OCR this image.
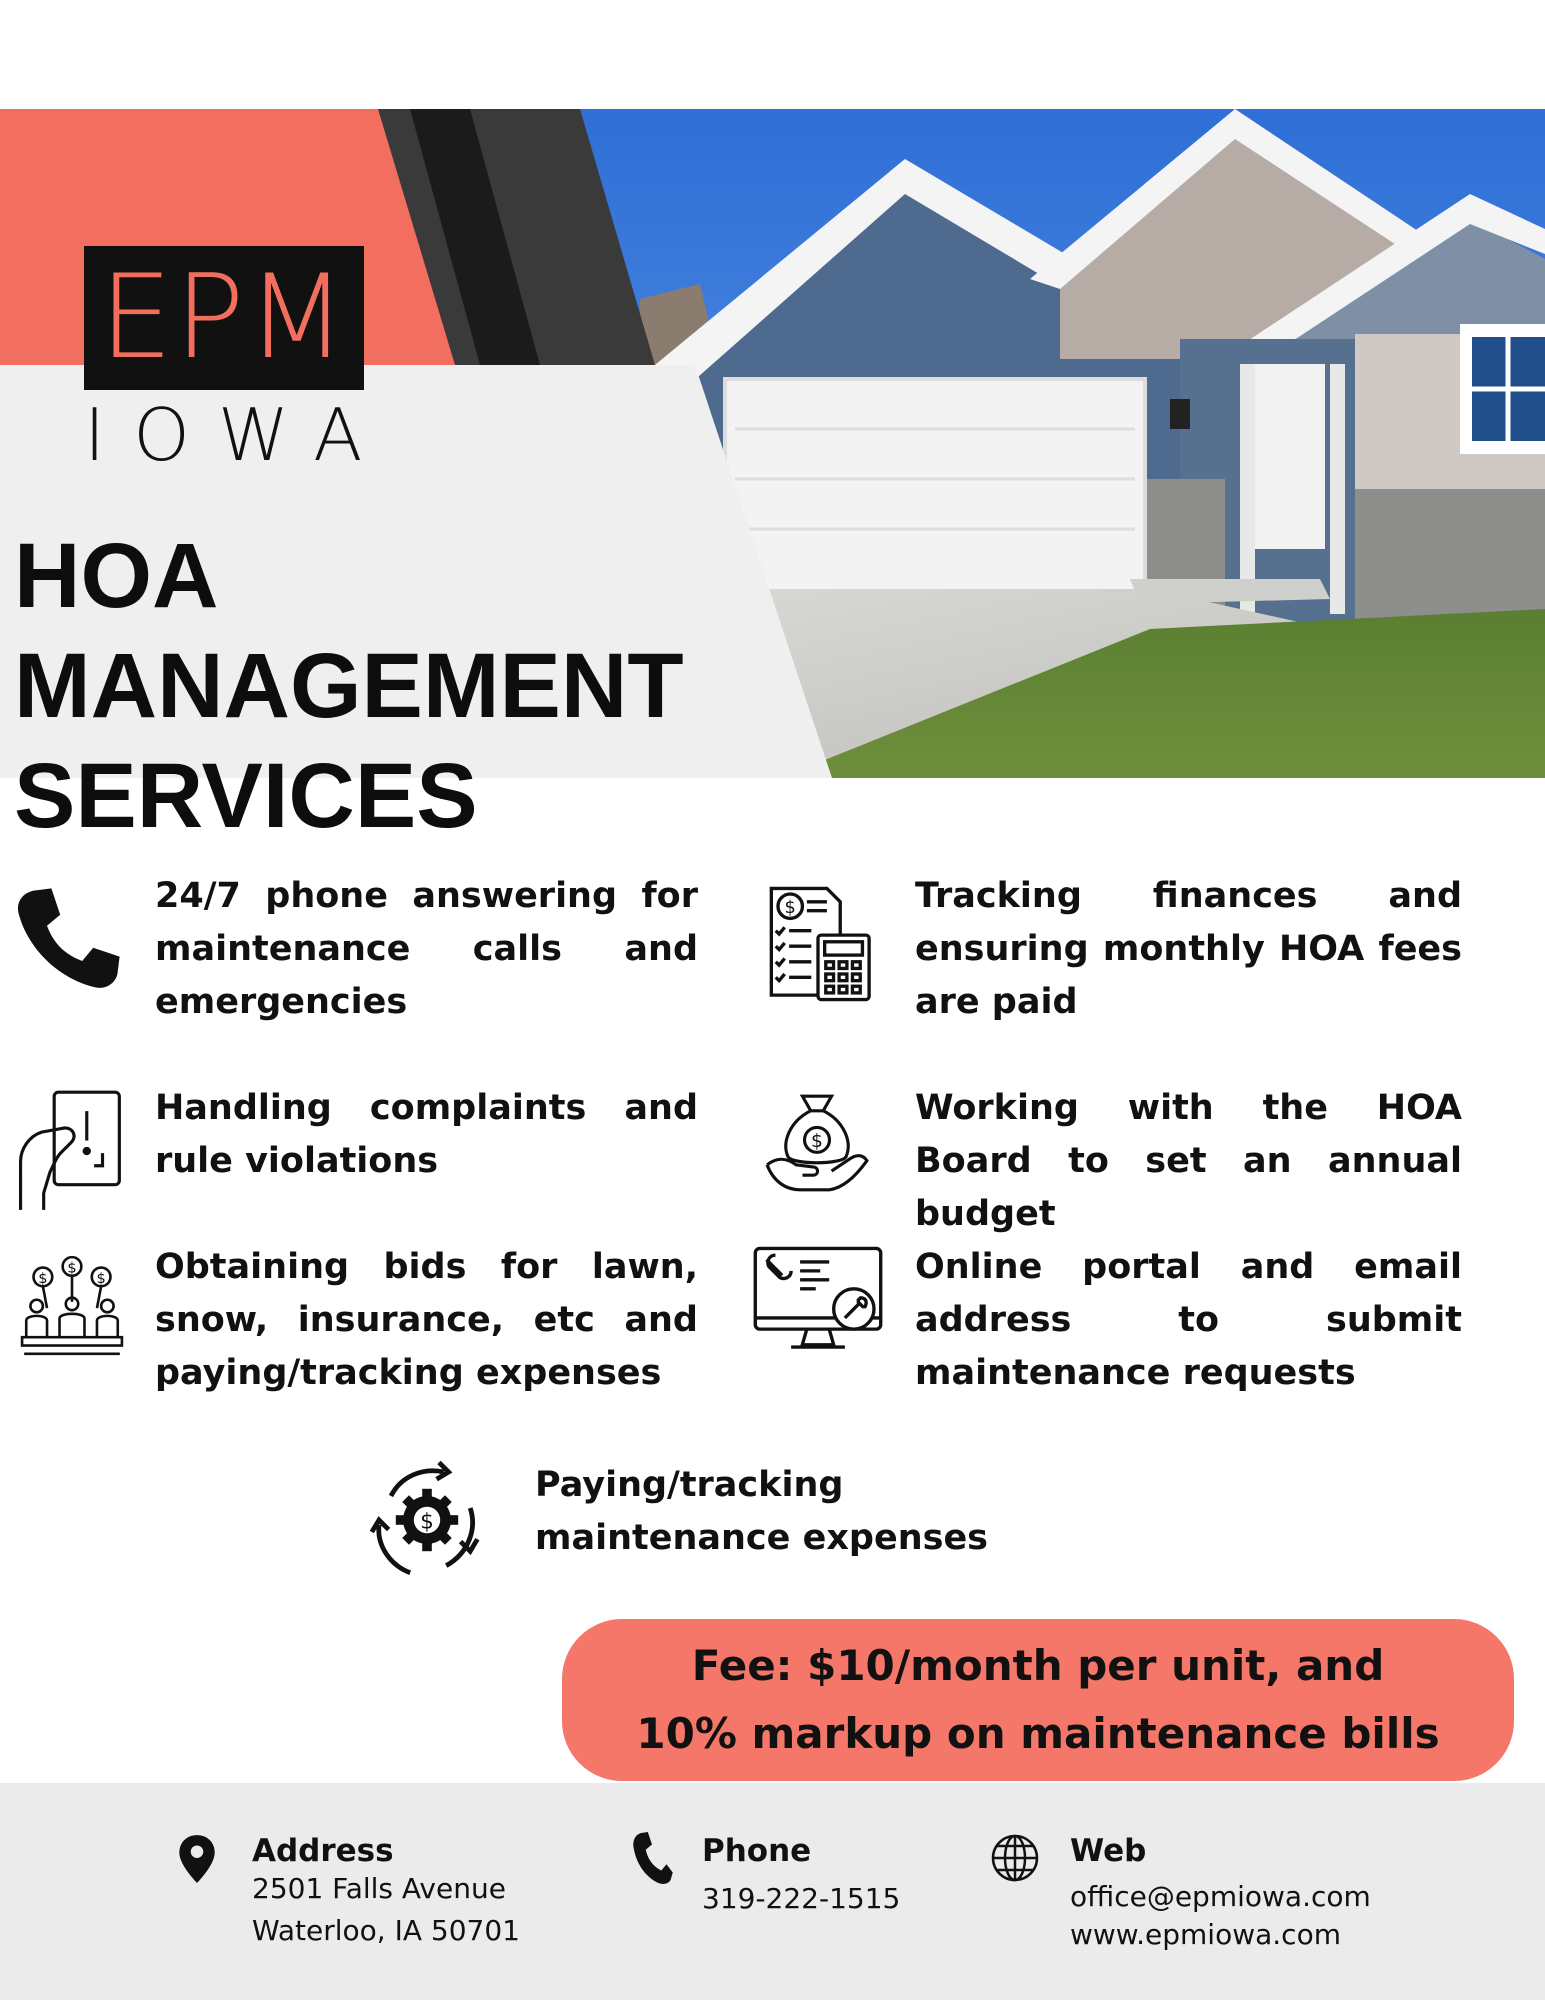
EPM
IOWA
HOA
MANAGEMENT
SERVICES
24/7 phone answering for maintenance calls and emergencies
$	Tracking finances and ensuring monthly HOA fees are paid
Handling complaints and rule violations	$
Working with the HOA Board to set an annual budget
$
$
$ Obtaining bids for lawn, snow, insurance, etc and paying/tracking expenses
Online portal and email address to submit maintenance requests
$
Paying/tracking maintenance expenses
Fee: $10/month per unit, and
10% markup on maintenance bills
Address
2501 Falls Avenue
Waterloo, IA 50701
Phone
319-222-1515
Web
office@epmiowa.com
www.epmiowa.com
